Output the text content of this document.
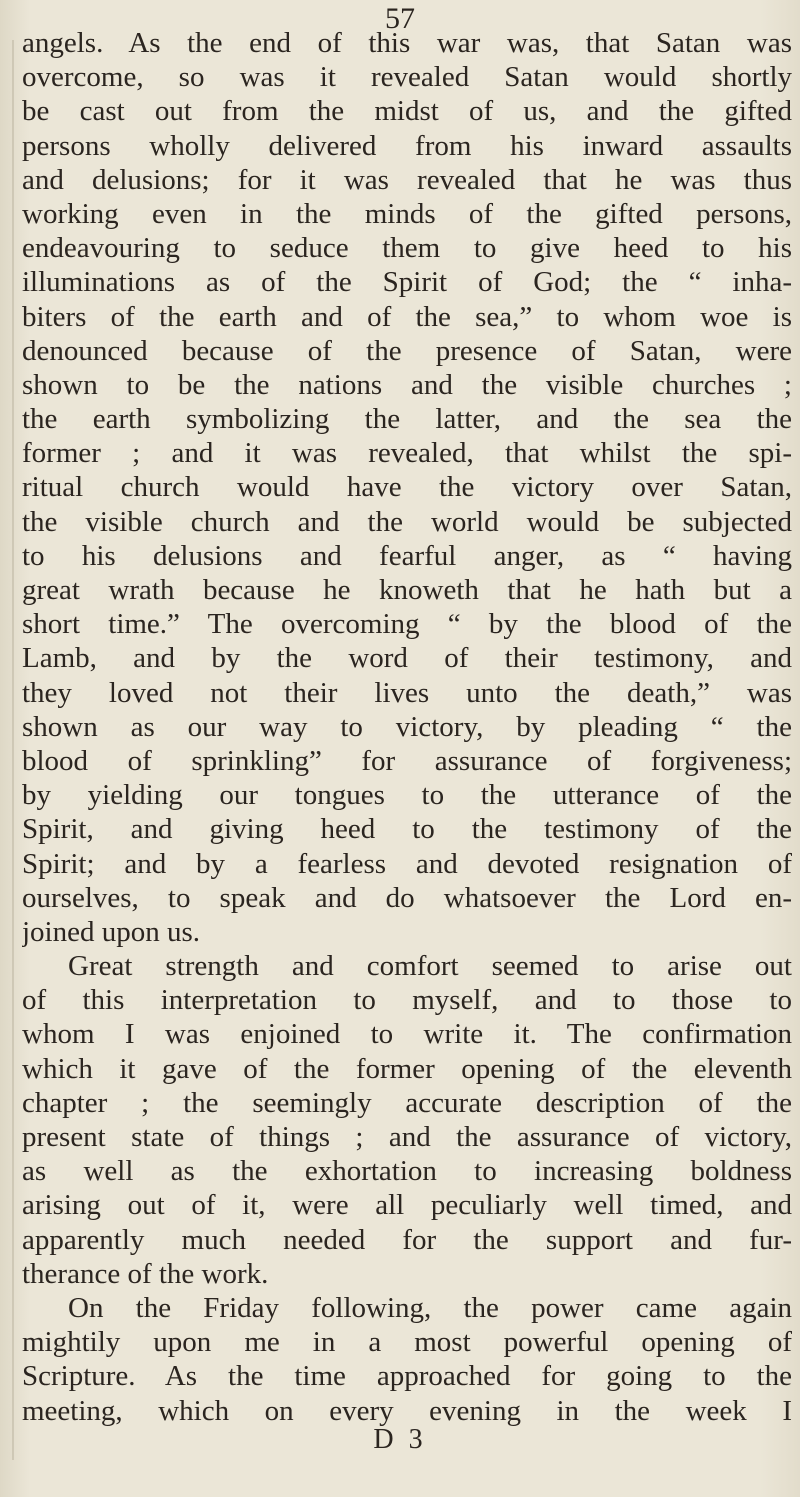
57
angels. As the end of this war was, that Satan was
overcome, so was it revealed Satan would shortly
be cast out from the midst of us, and the gifted
persons wholly delivered from his inward assaults
and delusions; for it was revealed that he was thus
working even in the minds of the gifted persons,
endeavouring to seduce them to give heed to his
illuminations as of the Spirit of God; the “ inha-
biters of the earth and of the sea,” to whom woe is
denounced because of the presence of Satan, were
shown to be the nations and the visible churches ;
the earth symbolizing the latter, and the sea the
former ; and it was revealed, that whilst the spi-
ritual church would have the victory over Satan,
the visible church and the world would be subjected
to his delusions and fearful anger, as “ having
great wrath because he knoweth that he hath but a
short time.” The overcoming “ by the blood of the
Lamb, and by the word of their testimony, and
they loved not their lives unto the death,” was
shown as our way to victory, by pleading “ the
blood of sprinkling” for assurance of forgiveness;
by yielding our tongues to the utterance of the
Spirit, and giving heed to the testimony of the
Spirit; and by a fearless and devoted resignation of
ourselves, to speak and do whatsoever the Lord en-
joined upon us.
Great strength and comfort seemed to arise out
of this interpretation to myself, and to those to
whom I was enjoined to write it. The confirmation
which it gave of the former opening of the eleventh
chapter ; the seemingly accurate description of the
present state of things ; and the assurance of victory,
as well as the exhortation to increasing boldness
arising out of it, were all peculiarly well timed, and
apparently much needed for the support and fur-
therance of the work.
On the Friday following, the power came again
mightily upon me in a most powerful opening of
Scripture. As the time approached for going to the
meeting, which on every evening in the week I
D 3
